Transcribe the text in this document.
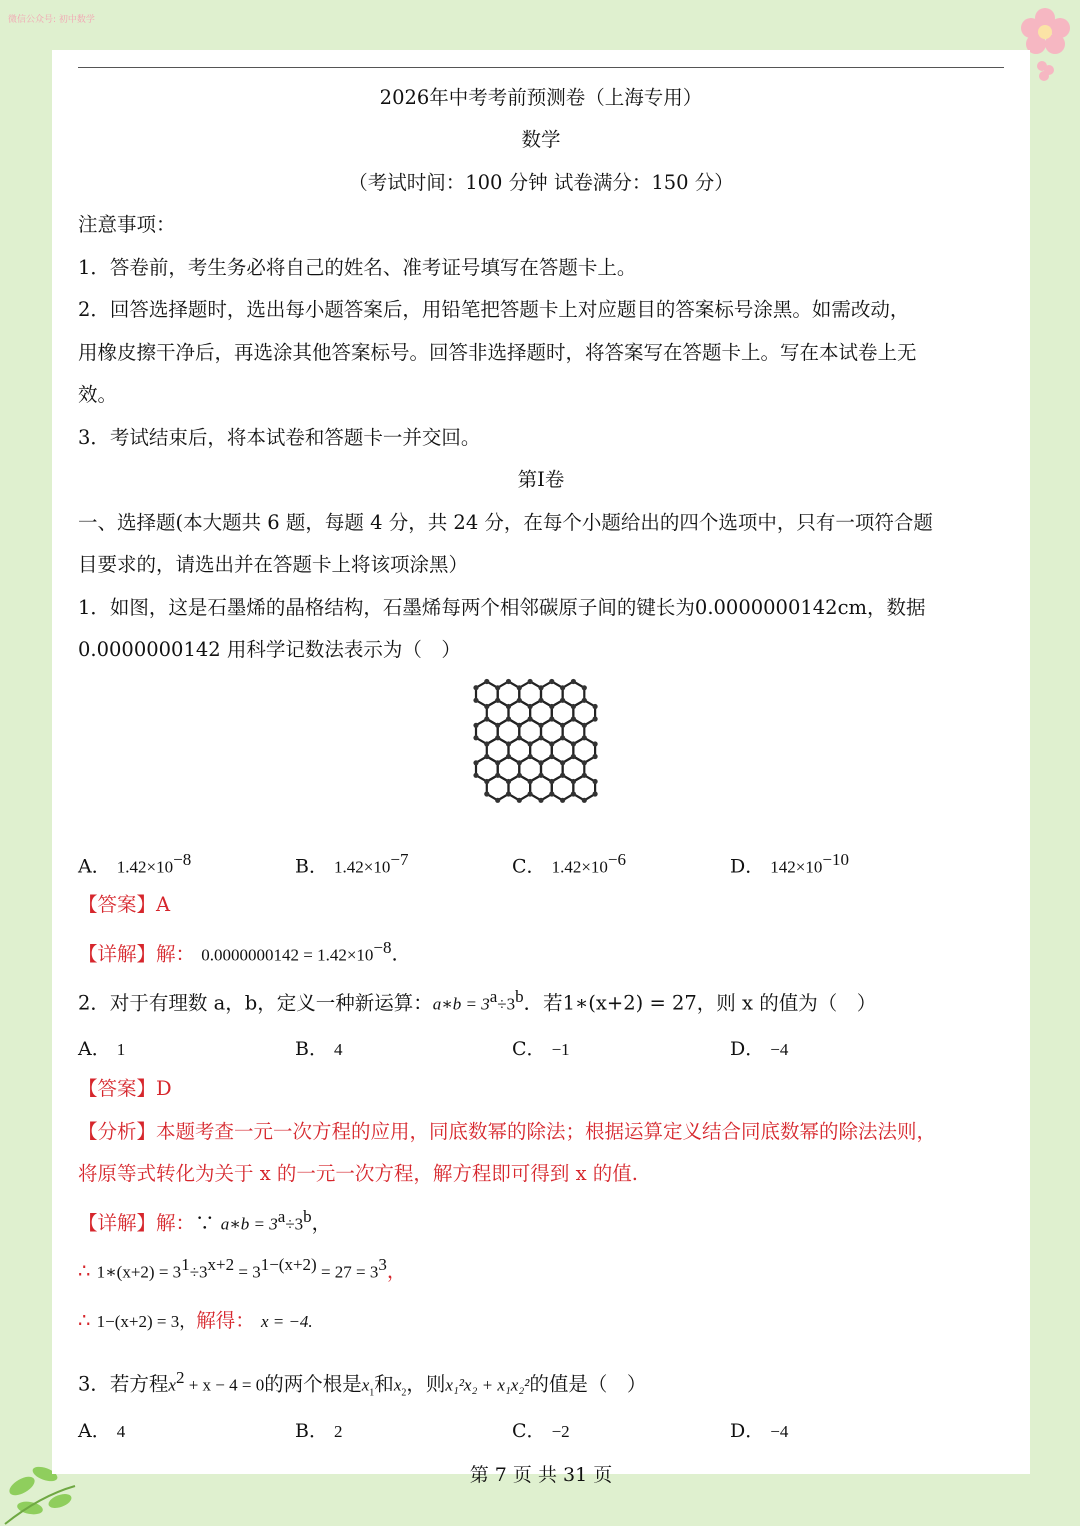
微信公众号: 初中数学
2026年中考考前预测卷（上海专用）
数学
（考试时间：100 分钟 试卷满分：150 分）
注意事项：
1．答卷前，考生务必将自己的姓名、准考证号填写在答题卡上。
2．回答选择题时，选出每小题答案后，用铅笔把答题卡上对应题目的答案标号涂黑。如需改动，
用橡皮擦干净后，再选涂其他答案标号。回答非选择题时，将答案写在答题卡上。写在本试卷上无
效。
3．考试结束后，将本试卷和答题卡一并交回。
第I卷
一、选择题(本大题共 6 题，每题 4 分，共 24 分，在每个小题给出的四个选项中，只有一项符合题
目要求的，请选出并在答题卡上将该项涂黑）
1．如图，这是石墨烯的晶格结构，石墨烯每两个相邻碳原子间的键长为0.0000000142cm，数据
0.0000000142 用科学记数法表示为（　）
A． $1.42\times 10^{-8}$	B． $1.42\times 10^{-7}$	C． $1.42\times 10^{-6}$	D． $142\times 10^{-10}$
【答案】A
【详解】解： $0.0000000142 = 1.42\times 10^{-8}$.
2．对于有理数 a，b，定义一种新运算：a∗b = $3^a\div 3^b$．若1∗(x+2) = 27，则 x 的值为（　）
A． 1	B． 4	C． −1	D． −4
【答案】D
【分析】本题考查一元一次方程的应用，同底数幂的除法；根据运算定义结合同底数幂的除法法则，
将原等式转化为关于 x 的一元一次方程，解方程即可得到 x 的值.
【详解】解：∵ a∗b = $3^a\div 3^b$，
∴ 1∗(x+2) = $3^1\div 3^{x+2} = 3^{1-(x+2)} = 27 = 3^3$，
∴ 1−(x+2) = 3，解得： x = −4.
3．若方程$x^2 + x - 4 = 0$的两个根是$x_1$和$x_2$，则x₁²x₂ + x₁x₂²的值是（　）
A． 4	B． 2	C． −2	D． −4
第 7 页 共 31 页
